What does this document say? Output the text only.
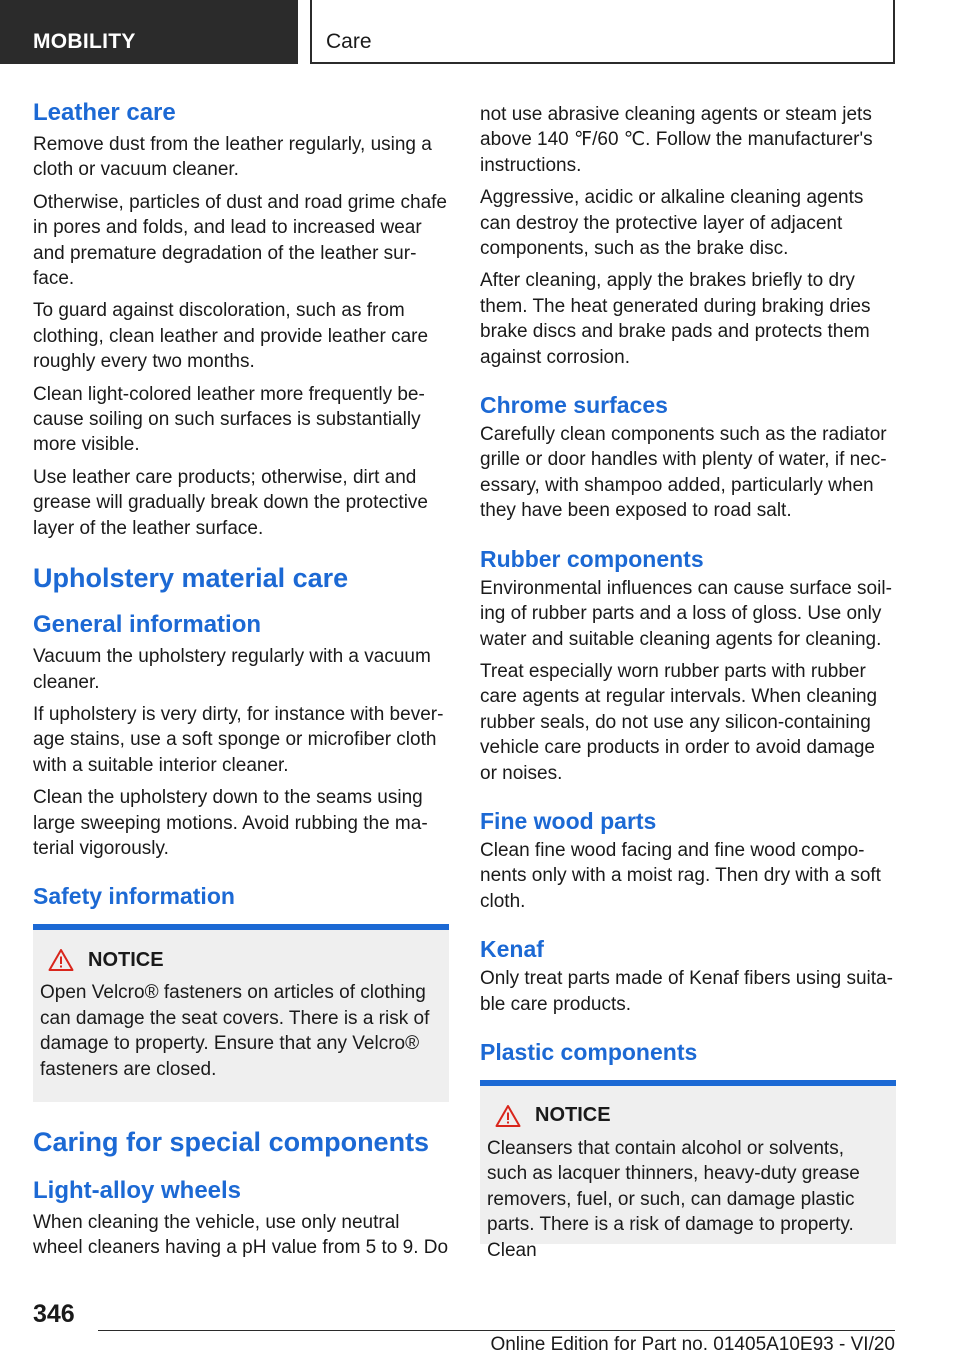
MOBILITY	Care
Leather care

Remove dust from the leather regularly, using a cloth or vacuum cleaner.

Otherwise, particles of dust and road grime chafe in pores and folds, and lead to increased wear and premature degradation of the leather surface.

To guard against discoloration, such as from clothing, clean leather and provide leather care roughly every two months.

Clean light-colored leather more frequently because soiling on such surfaces is substantially more visible.

Use leather care products; otherwise, dirt and grease will gradually break down the protective layer of the leather surface.

Upholstery material care
General information

Vacuum the upholstery regularly with a vacuum cleaner.

If upholstery is very dirty, for instance with beverage stains, use a soft sponge or microfiber cloth with a suitable interior cleaner.

Clean the upholstery down to the seams using large sweeping motions. Avoid rubbing the material vigorously.

Safety information
NOTICE

Open Velcro® fasteners on articles of clothing can damage the seat covers. There is a risk of damage to property. Ensure that any Velcro® fasteners are closed.

Caring for special components
Light-alloy wheels

When cleaning the vehicle, use only neutral wheel cleaners having a pH value from 5 to 9. Do

not use abrasive cleaning agents or steam jets above 140 ℉/60 ℃. Follow the manufacturer's instructions.

Aggressive, acidic or alkaline cleaning agents can destroy the protective layer of adjacent components, such as the brake disc.

After cleaning, apply the brakes briefly to dry them. The heat generated during braking dries brake discs and brake pads and protects them against corrosion.

Chrome surfaces

Carefully clean components such as the radiator grille or door handles with plenty of water, if necessary, with shampoo added, particularly when they have been exposed to road salt.

Rubber components

Environmental influences can cause surface soiling of rubber parts and a loss of gloss. Use only water and suitable cleaning agents for cleaning.

Treat especially worn rubber parts with rubber care agents at regular intervals. When cleaning rubber seals, do not use any silicon-containing vehicle care products in order to avoid damage or noises.

Fine wood parts

Clean fine wood facing and fine wood components only with a moist rag. Then dry with a soft cloth.

Kenaf

Only treat parts made of Kenaf fibers using suitable care products.

Plastic components
NOTICE

Cleansers that contain alcohol or solvents, such as lacquer thinners, heavy-duty grease removers, fuel, or such, can damage plastic parts. There is a risk of damage to property. Clean

346
Online Edition for Part no. 01405A10E93 - VI/20
